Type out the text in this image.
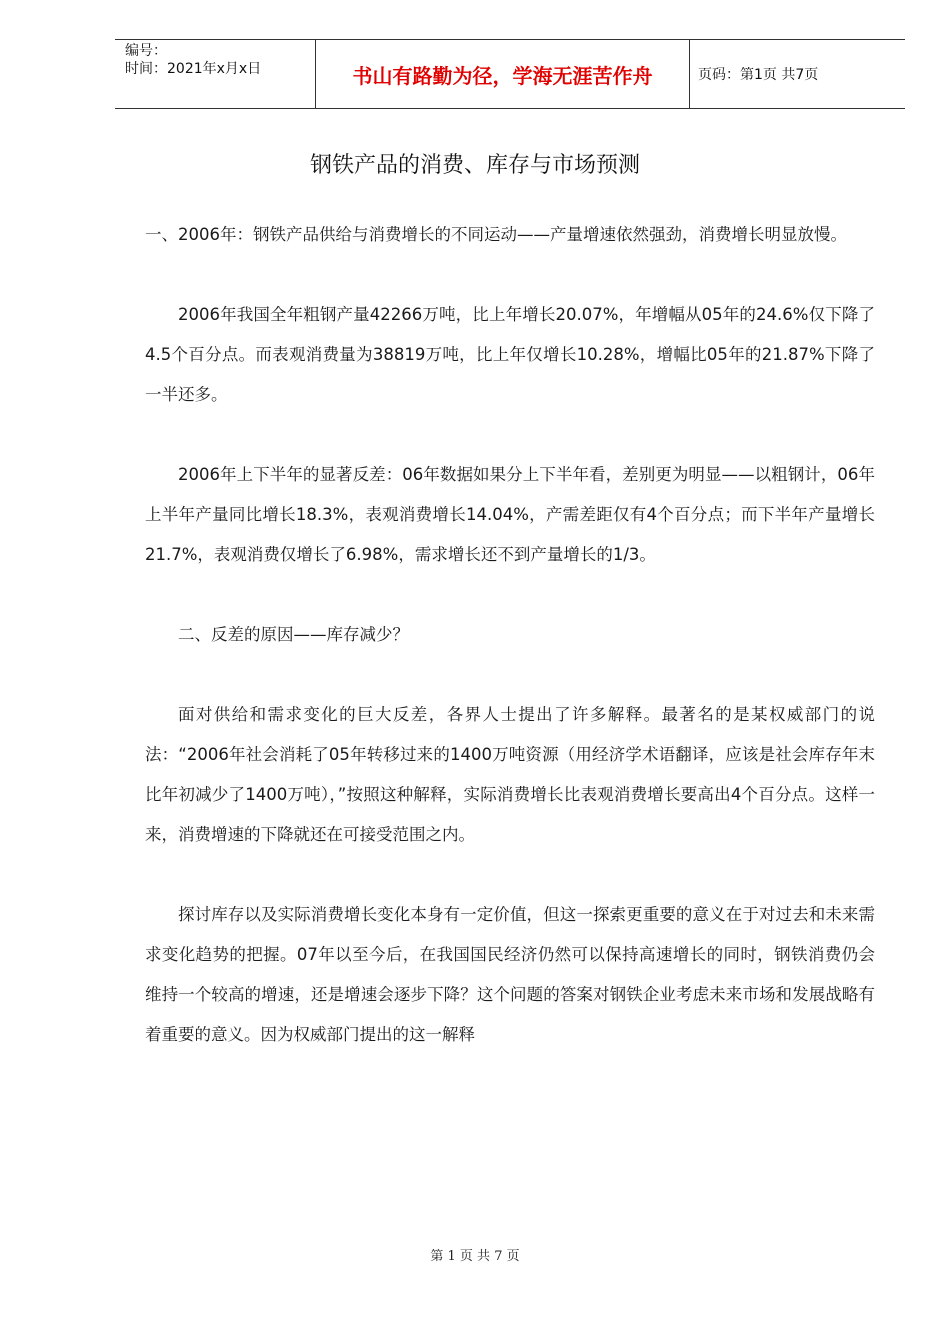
编号：
时间：2021年x月x日	书山有路勤为径，学海无涯苦作舟	页码：第1页 共7页
钢铁产品的消费、库存与市场预测

一、2006年：钢铁产品供给与消费增长的不同运动——产量增速依然强劲，消费增长明显放慢。

2006年我国全年粗钢产量42266万吨，比上年增长20.07%，年增幅从05年的24.6%仅下降了4.5个百分点。而表观消费量为38819万吨，比上年仅增长10.28%，增幅比05年的21.87%下降了一半还多。

2006年上下半年的显著反差：06年数据如果分上下半年看，差别更为明显——以粗钢计，06年上半年产量同比增长18.3%，表观消费增长14.04%，产需差距仅有4个百分点；而下半年产量增长21.7%，表观消费仅增长了6.98%，需求增长还不到产量增长的1/3。

二、反差的原因——库存减少？

面对供给和需求变化的巨大反差，各界人士提出了许多解释。最著名的是某权威部门的说法：“2006年社会消耗了05年转移过来的1400万吨资源（用经济学术语翻译，应该是社会库存年末比年初减少了1400万吨），”按照这种解释，实际消费增长比表观消费增长要高出4个百分点。这样一来，消费增速的下降就还在可接受范围之内。

探讨库存以及实际消费增长变化本身有一定价值，但这一探索更重要的意义在于对过去和未来需求变化趋势的把握。07年以至今后，在我国国民经济仍然可以保持高速增长的同时，钢铁消费仍会维持一个较高的增速，还是增速会逐步下降？这个问题的答案对钢铁企业考虑未来市场和发展战略有着重要的意义。因为权威部门提出的这一解释

第 1 页 共 7 页
